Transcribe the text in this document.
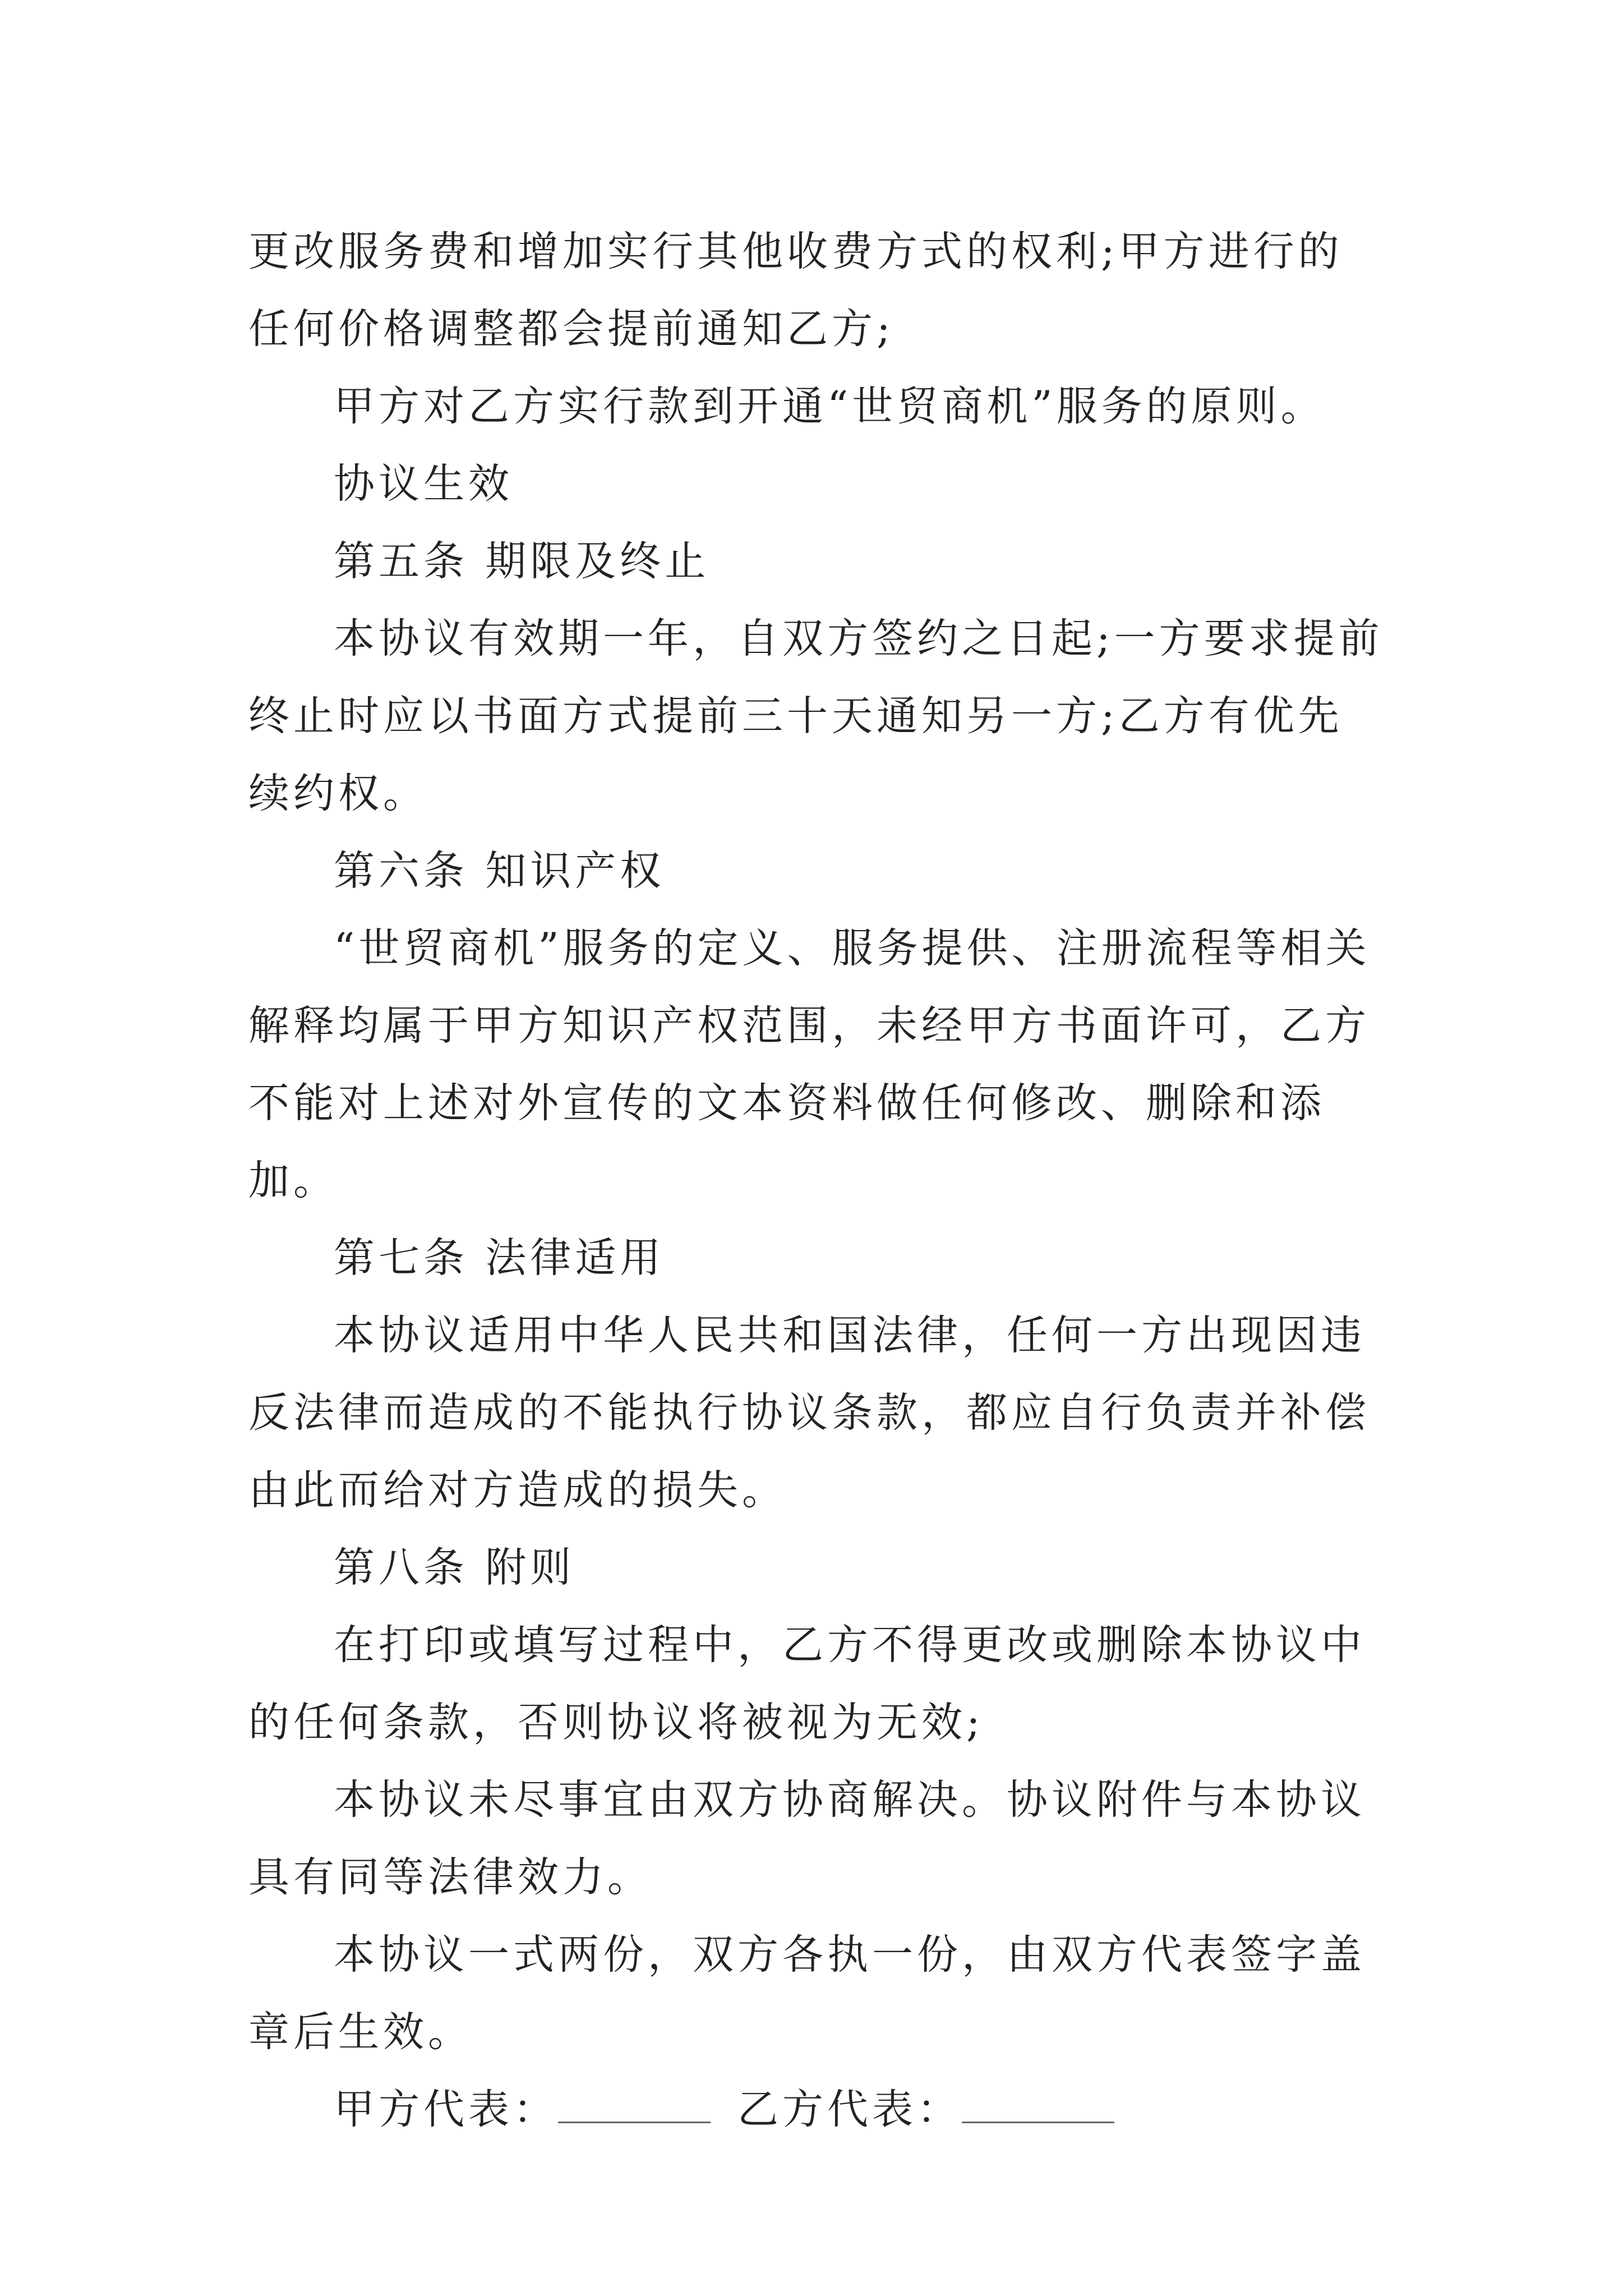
更改服务费和增加实行其他收费方式的权利;甲方进行的任何价格调整都会提前通知乙方;

甲方对乙方实行款到开通“世贸商机”服务的原则。

协议生效

第五条 期限及终止

本协议有效期一年，自双方签约之日起;一方要求提前终止时应以书面方式提前三十天通知另一方;乙方有优先续约权。

第六条 知识产权

“世贸商机”服务的定义、服务提供、注册流程等相关解释均属于甲方知识产权范围，未经甲方书面许可，乙方不能对上述对外宣传的文本资料做任何修改、删除和添加。

第七条 法律适用

本协议适用中华人民共和国法律，任何一方出现因违反法律而造成的不能执行协议条款，都应自行负责并补偿由此而给对方造成的损失。

第八条 附则

在打印或填写过程中，乙方不得更改或删除本协议中的任何条款，否则协议将被视为无效;

本协议未尽事宜由双方协商解决。协议附件与本协议具有同等法律效力。

本协议一式两份，双方各执一份，由双方代表签字盖章后生效。

甲方代表：	乙方代表：
